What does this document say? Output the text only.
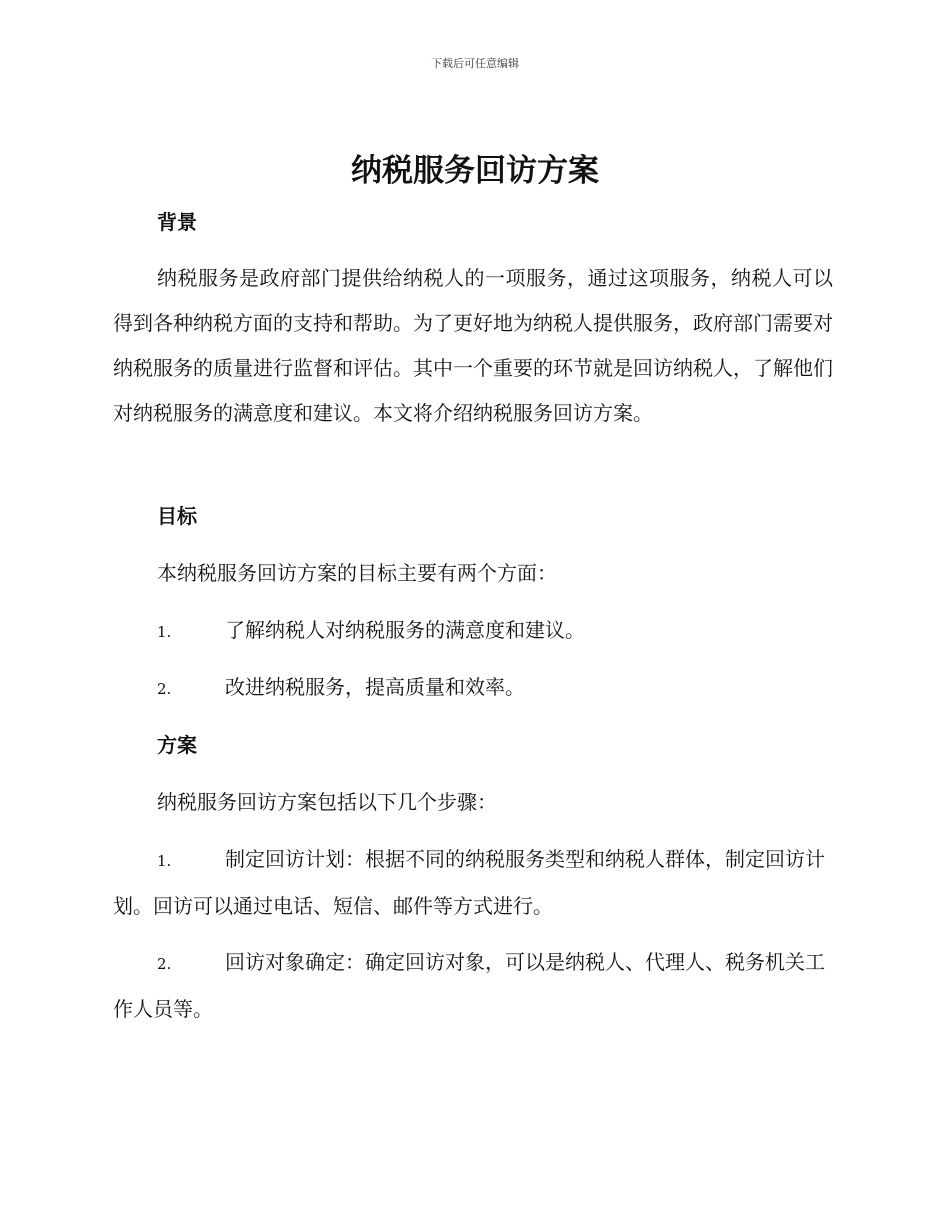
下载后可任意编辑
纳税服务回访方案
背景

纳税服务是政府部门提供给纳税人的一项服务，通过这项服务，纳税人可以得到各种纳税方面的支持和帮助。为了更好地为纳税人提供服务，政府部门需要对纳税服务的质量进行监督和评估。其中一个重要的环节就是回访纳税人，了解他们对纳税服务的满意度和建议。本文将介绍纳税服务回访方案。

目标

本纳税服务回访方案的目标主要有两个方面：

1.	了解纳税人对纳税服务的满意度和建议。

2.	改进纳税服务，提高质量和效率。

方案

纳税服务回访方案包括以下几个步骤：

1.	制定回访计划：根据不同的纳税服务类型和纳税人群体，制定回访计划。回访可以通过电话、短信、邮件等方式进行。

2.	回访对象确定：确定回访对象，可以是纳税人、代理人、税务机关工作人员等。
